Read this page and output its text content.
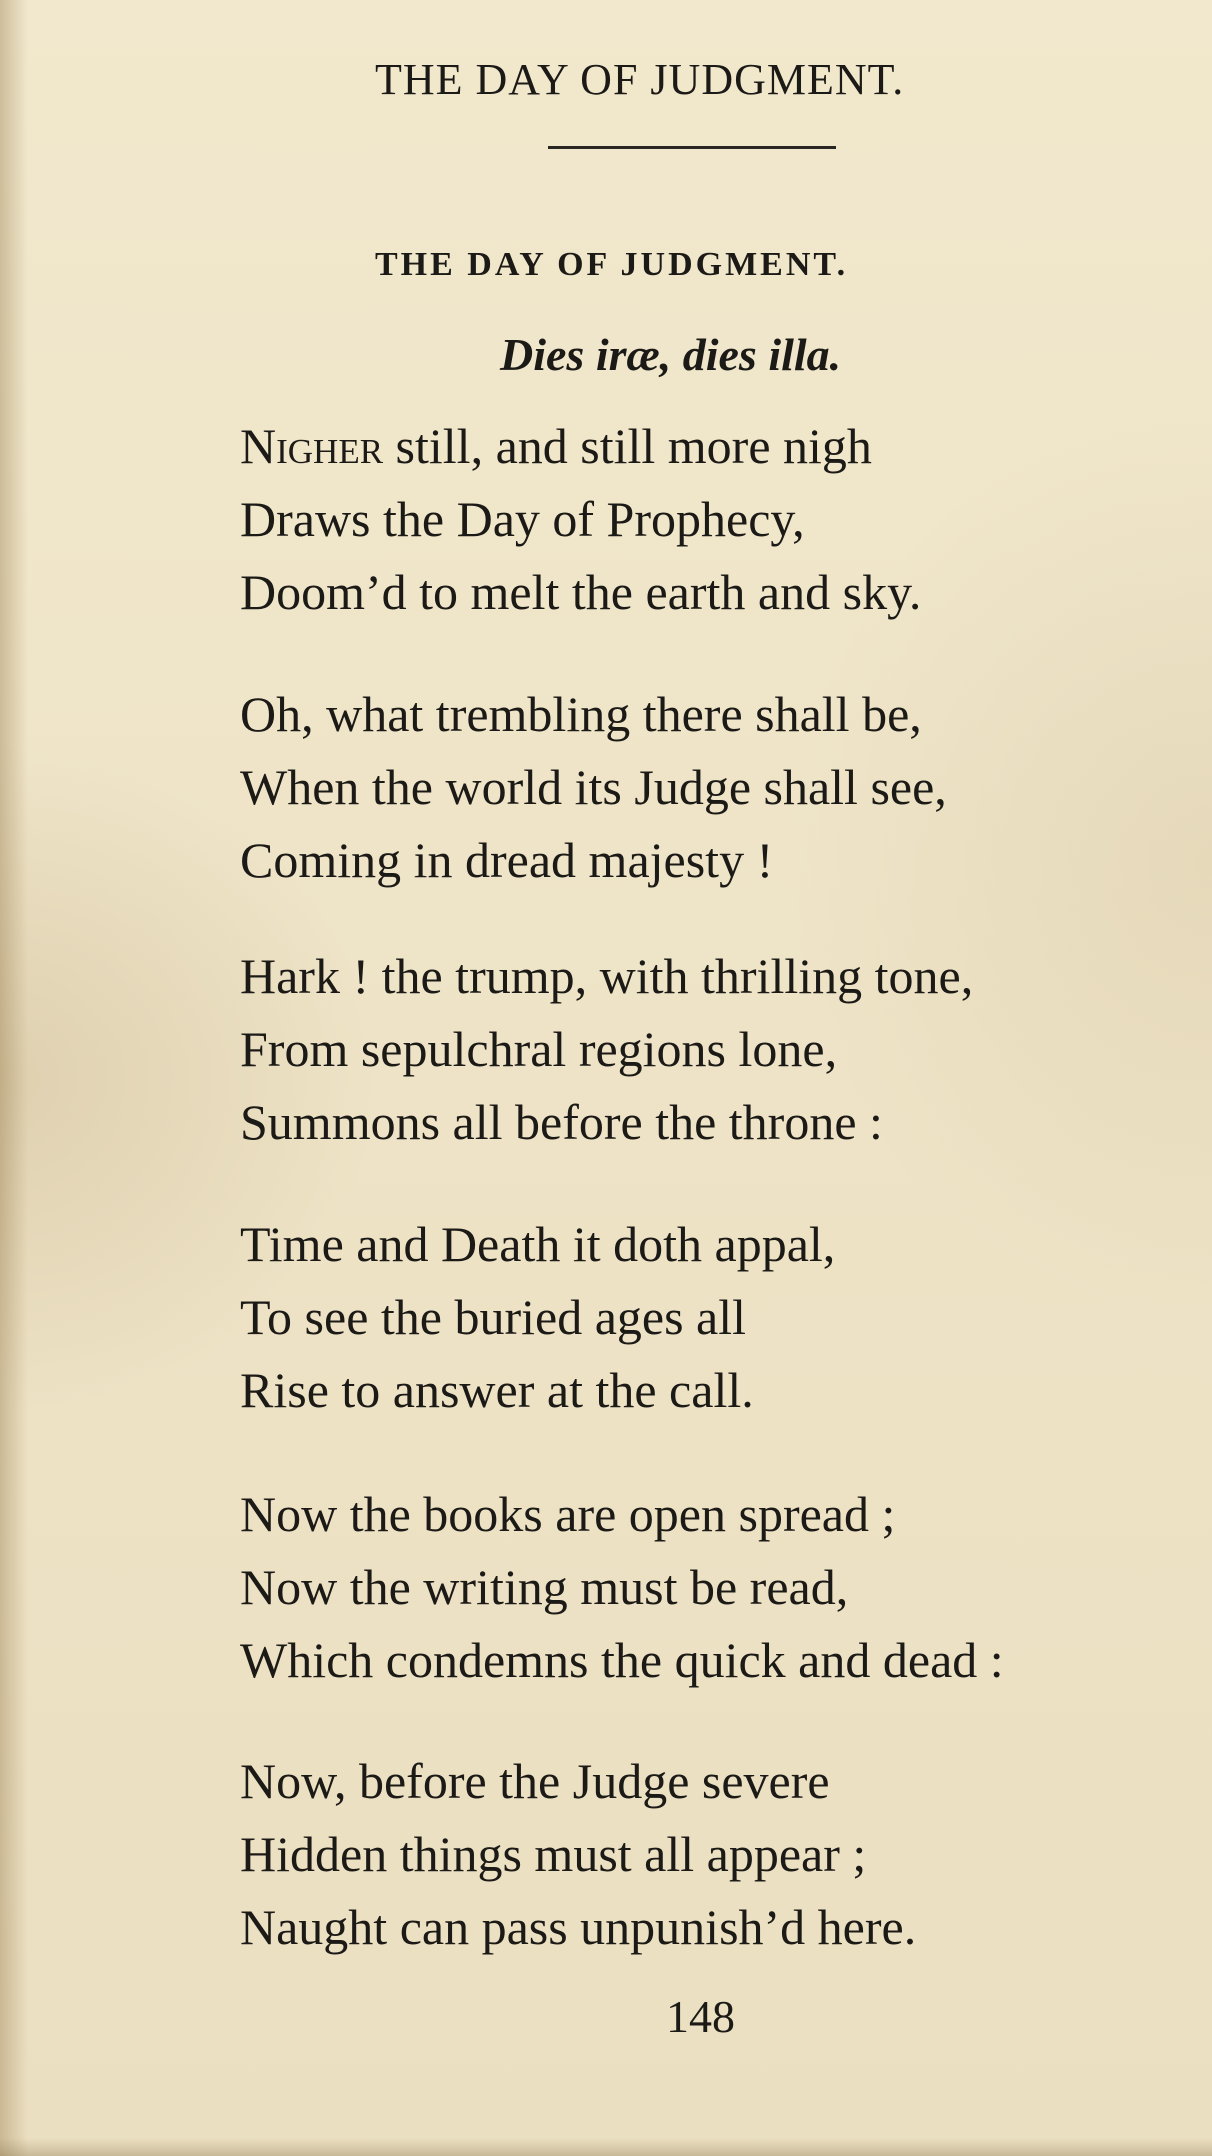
THE DAY OF JUDGMENT.
THE DAY OF JUDGMENT.
Dies iræ, dies illa.
Nigher still, and still more nigh
Draws the Day of Prophecy,
Doom’d to melt the earth and sky.
Oh, what trembling there shall be,
When the world its Judge shall see,
Coming in dread majesty !
Hark ! the trump, with thrilling tone,
From sepulchral regions lone,
Summons all before the throne :
Time and Death it doth appal,
To see the buried ages all
Rise to answer at the call.
Now the books are open spread ;
Now the writing must be read,
Which condemns the quick and dead :
Now, before the Judge severe
Hidden things must all appear ;
Naught can pass unpunish’d here.
148
